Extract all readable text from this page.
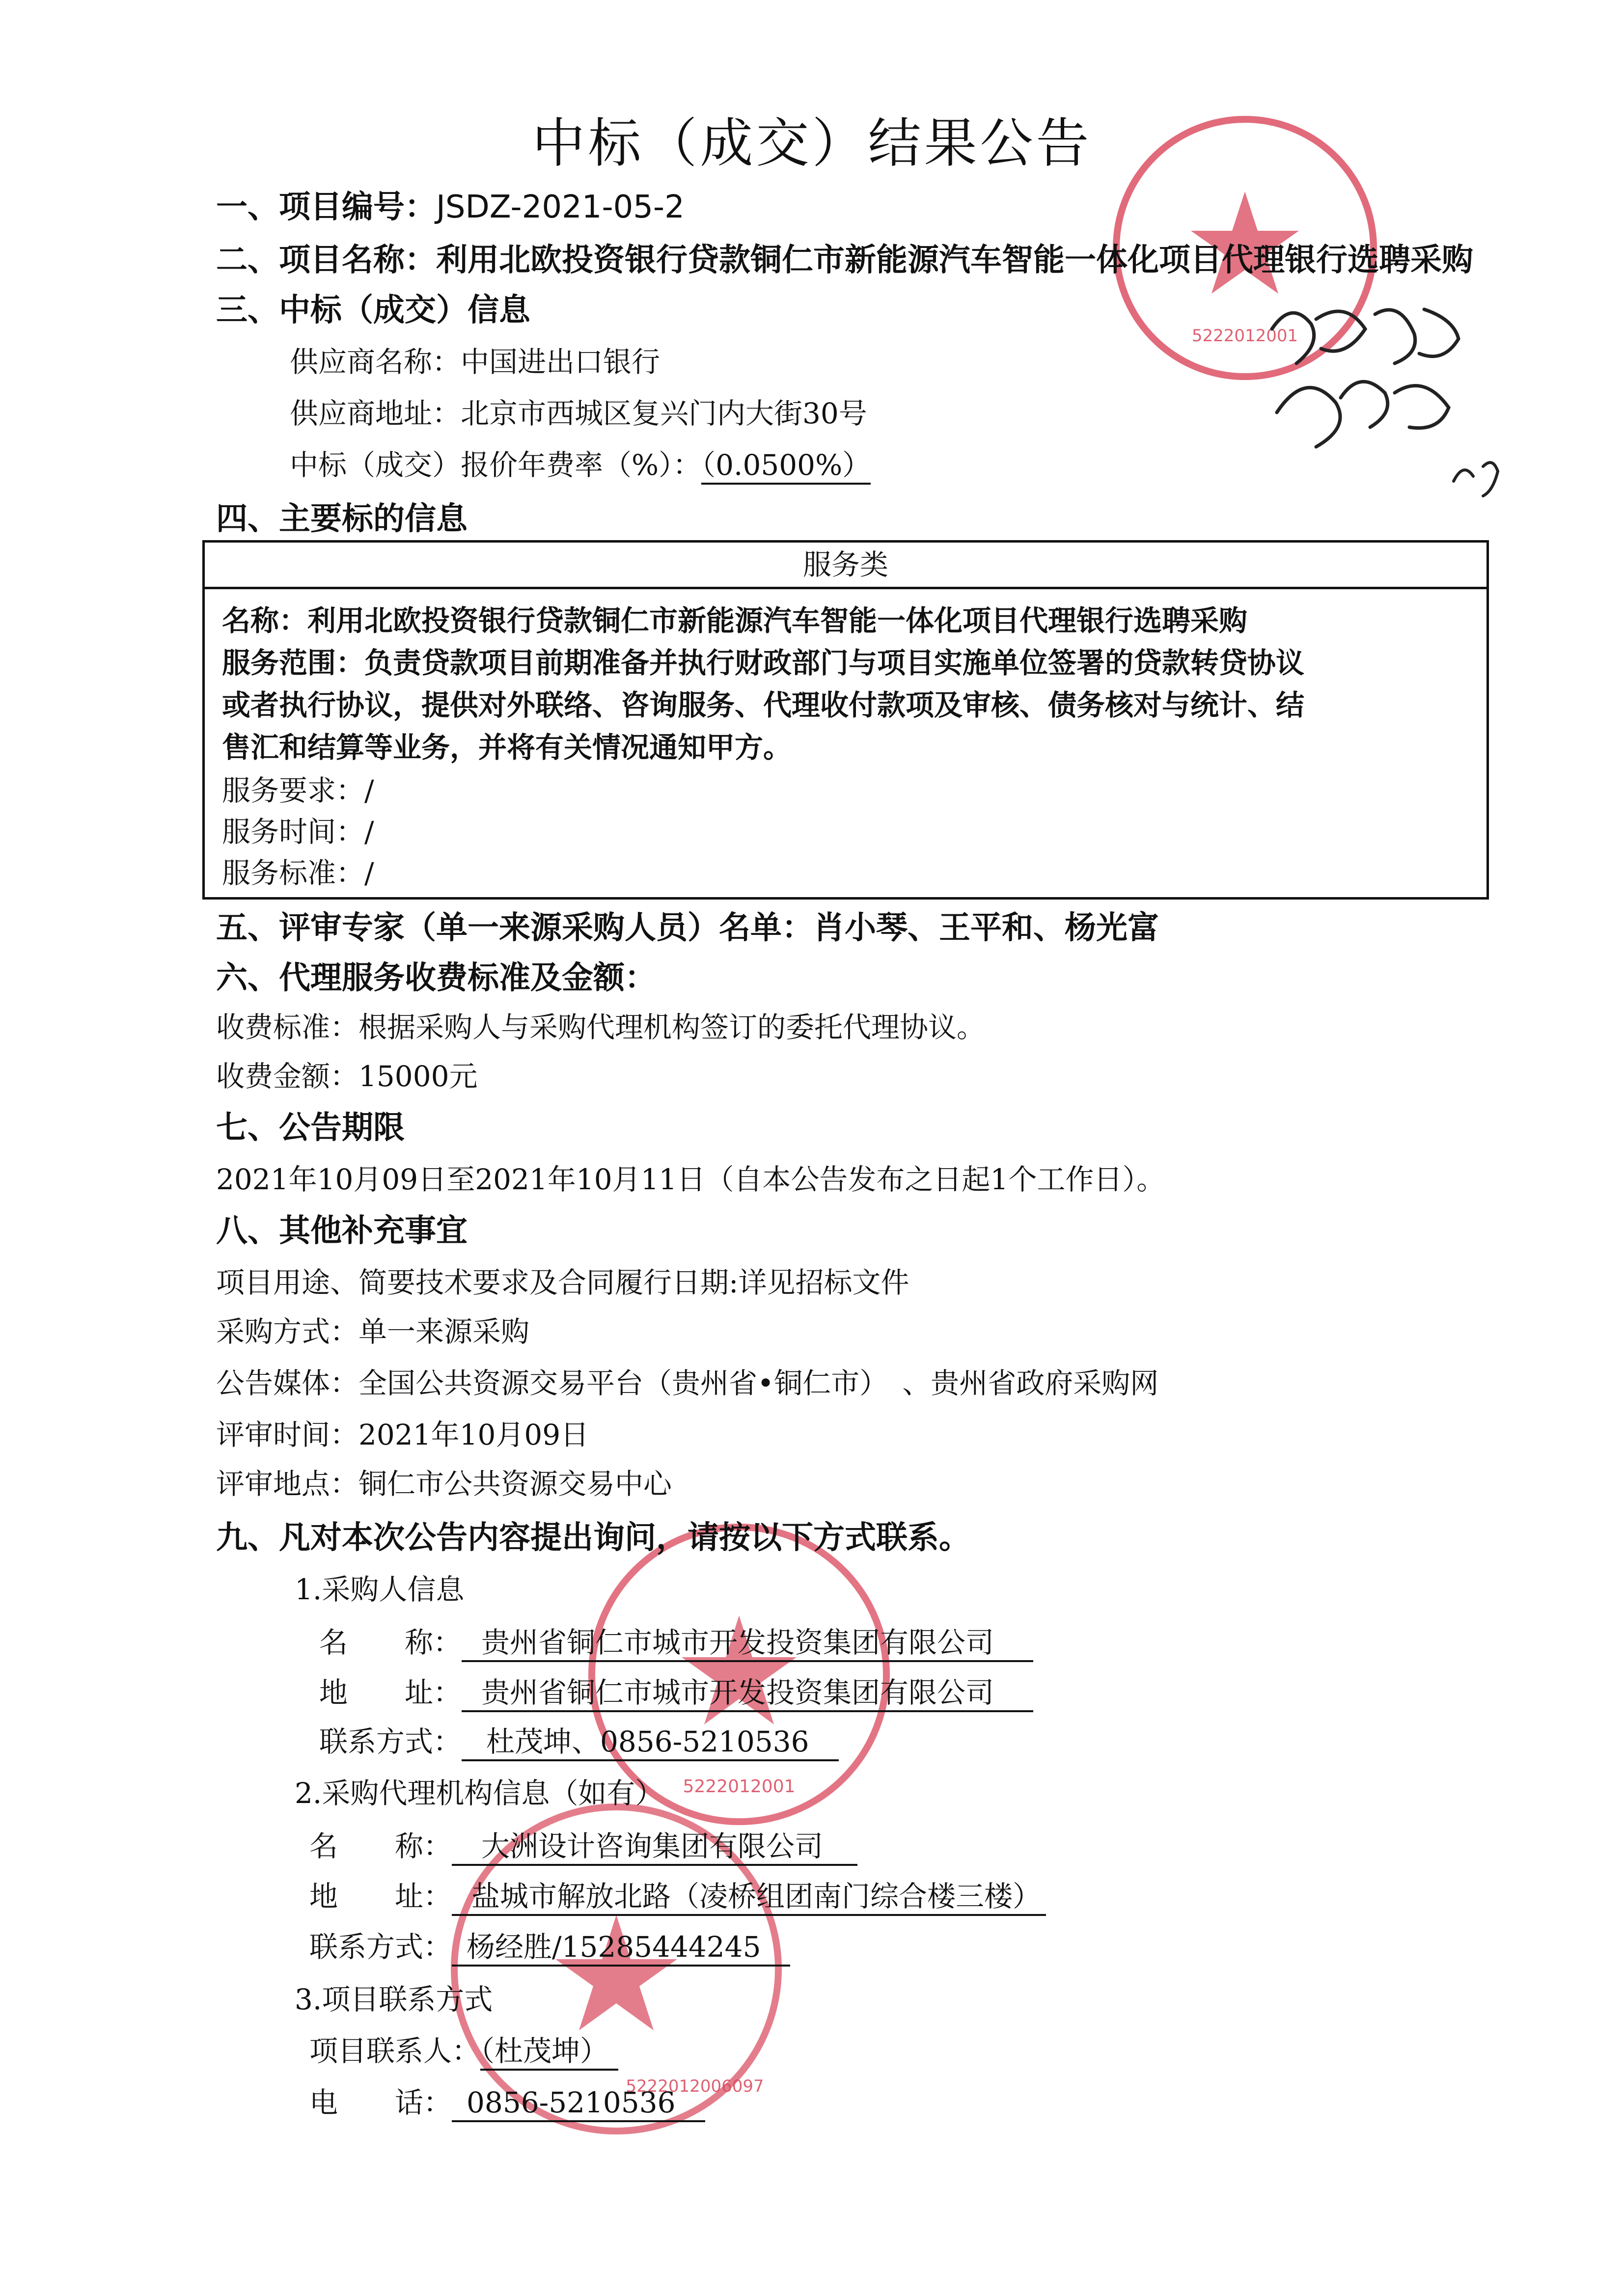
5222012001
5222012001
5222012006097
中标（成交）结果公告
一、项目编号：JSDZ-2021-05-2
二、项目名称：利用北欧投资银行贷款铜仁市新能源汽车智能一体化项目代理银行选聘采购
三、中标（成交）信息
供应商名称：中国进出口银行
供应商地址：北京市西城区复兴门内大街30号
中标（成交）报价年费率（%）：（0.0500%）
四、主要标的信息
服务类
名称：利用北欧投资银行贷款铜仁市新能源汽车智能一体化项目代理银行选聘采购
服务范围：负责贷款项目前期准备并执行财政部门与项目实施单位签署的贷款转贷协议
或者执行协议，提供对外联络、咨询服务、代理收付款项及审核、债务核对与统计、结
售汇和结算等业务，并将有关情况通知甲方。
服务要求：/
服务时间：/
服务标准：/
五、评审专家（单一来源采购人员）名单：肖小琴、王平和、杨光富
六、代理服务收费标准及金额：
收费标准：根据采购人与采购代理机构签订的委托代理协议。
收费金额：15000元
七、公告期限
2021年10月09日至2021年10月11日（自本公告发布之日起1个工作日）。
八、其他补充事宜
项目用途、简要技术要求及合同履行日期:详见招标文件
采购方式：单一来源采购
公告媒体：全国公共资源交易平台（贵州省•铜仁市）　、贵州省政府采购网
评审时间：2021年10月09日
评审地点：铜仁市公共资源交易中心
九、凡对本次公告内容提出询问，请按以下方式联系。
1.采购人信息
名　　称： 贵州省铜仁市城市开发投资集团有限公司
地　　址： 贵州省铜仁市城市开发投资集团有限公司
联系方式： 杜茂坤、0856-5210536
2.采购代理机构信息（如有）
名　　称： 大洲设计咨询集团有限公司
地　　址： 盐城市解放北路（凌桥组团南门综合楼三楼）
联系方式： 杨经胜/15285444245
3.项目联系方式
项目联系人：（杜茂坤）
电　　话： 0856-5210536
